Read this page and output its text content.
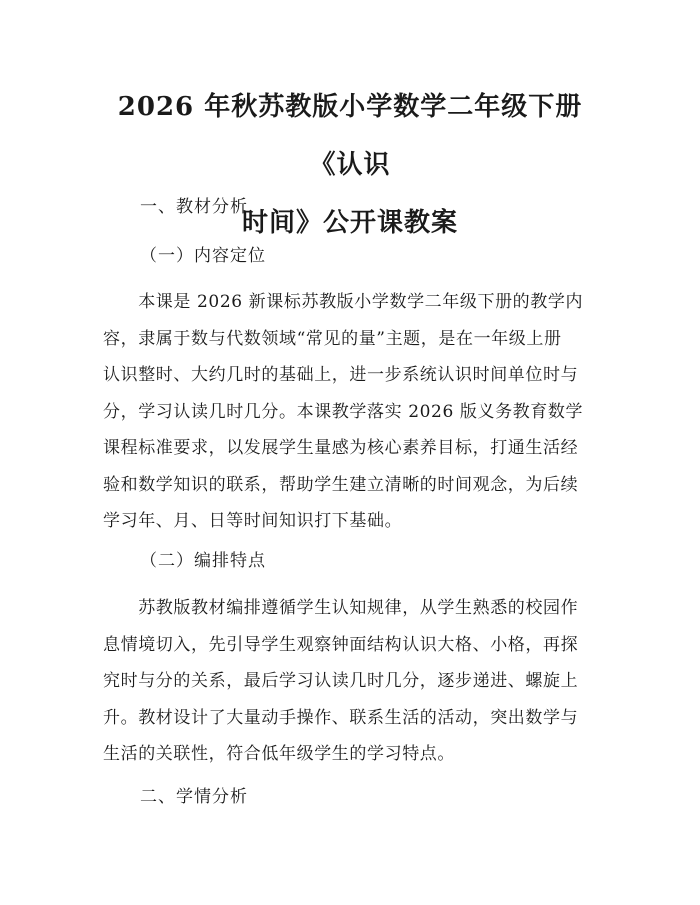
2026 年秋苏教版小学数学二年级下册《认识
时间》公开课教案

一、教材分析

（一）内容定位

　　本课是 2026 新课标苏教版小学数学二年级下册的教学内
容，隶属于数与代数领域“常见的量”主题，是在一年级上册
认识整时、大约几时的基础上，进一步系统认识时间单位时与
分，学习认读几时几分。本课教学落实 2026 版义务教育数学
课程标准要求，以发展学生量感为核心素养目标，打通生活经
验和数学知识的联系，帮助学生建立清晰的时间观念，为后续
学习年、月、日等时间知识打下基础。

（二）编排特点

　　苏教版教材编排遵循学生认知规律，从学生熟悉的校园作
息情境切入，先引导学生观察钟面结构认识大格、小格，再探
究时与分的关系，最后学习认读几时几分，逐步递进、螺旋上
升。教材设计了大量动手操作、联系生活的活动，突出数学与
生活的关联性，符合低年级学生的学习特点。

二、学情分析
